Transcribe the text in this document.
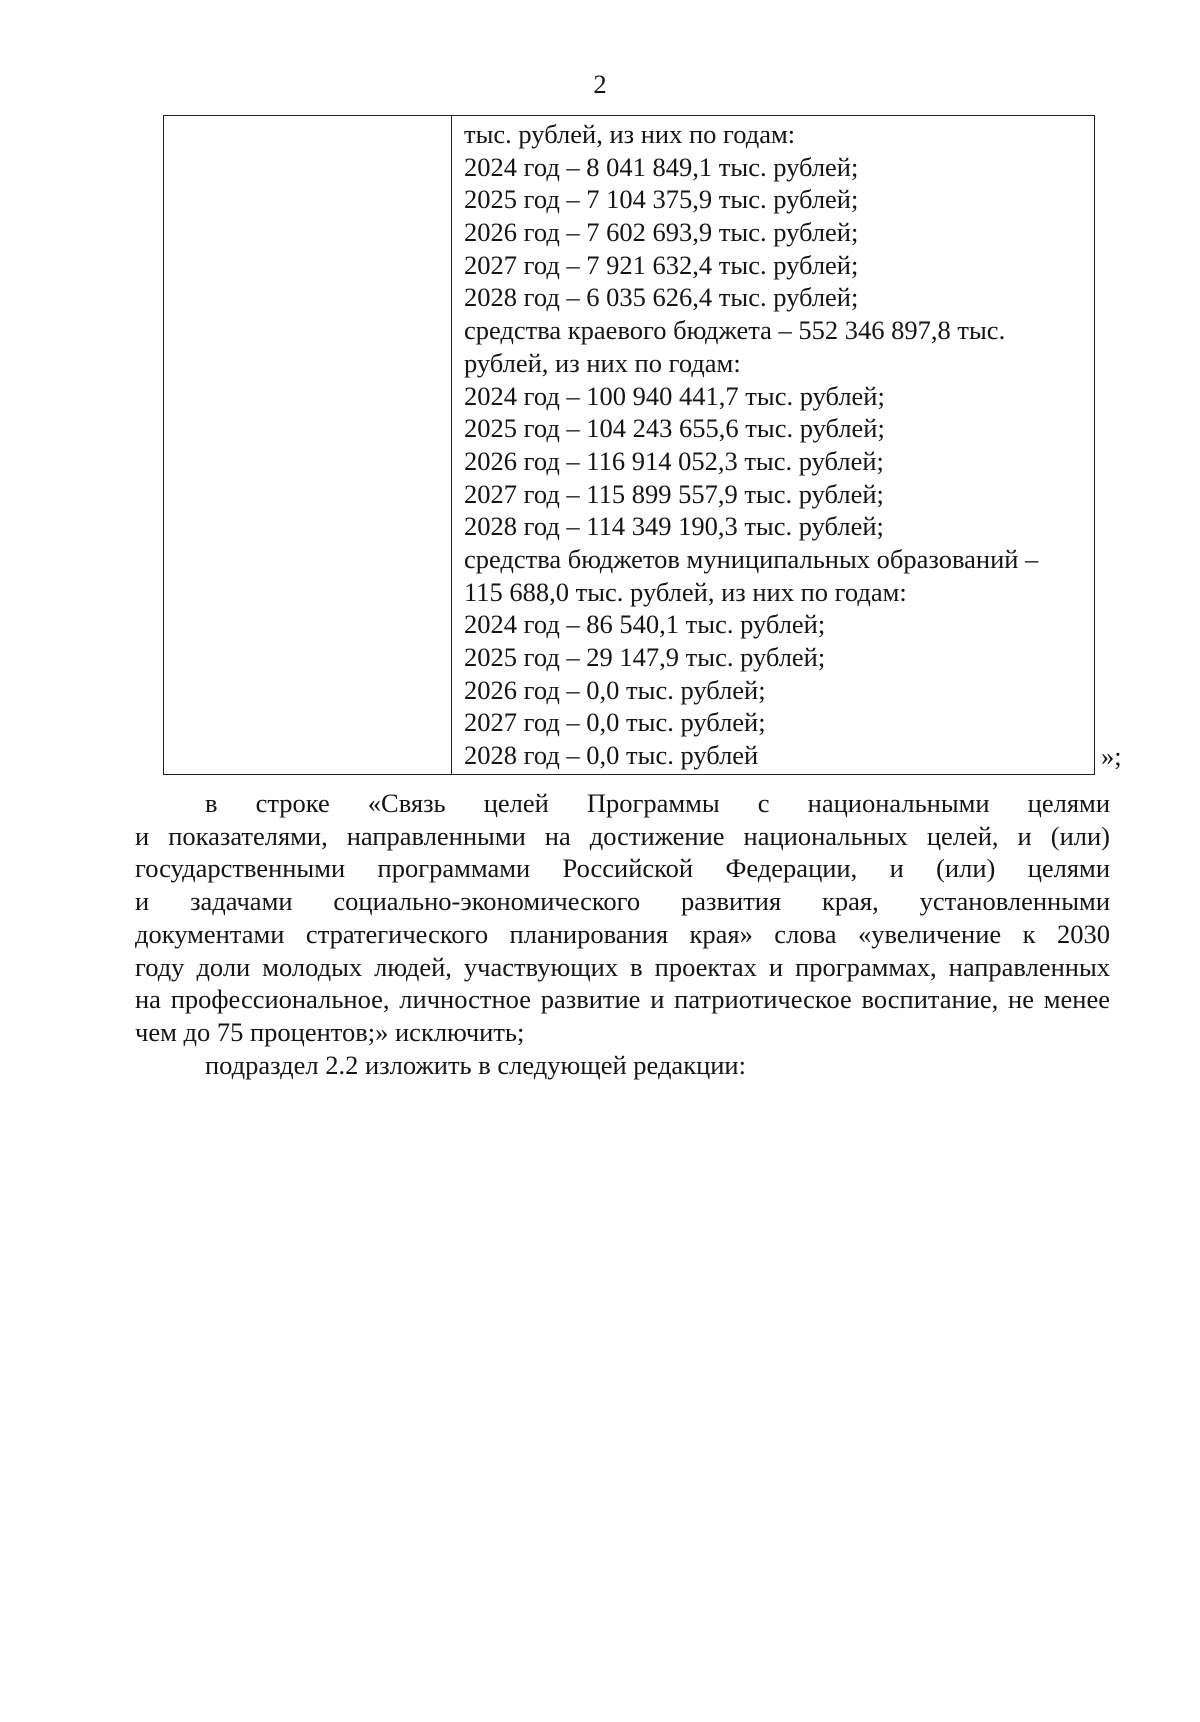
2
тыс. рублей, из них по годам:
2024 год – 8 041 849,1 тыс. рублей;
2025 год – 7 104 375,9 тыс. рублей;
2026 год – 7 602 693,9 тыс. рублей;
2027 год – 7 921 632,4 тыс. рублей;
2028 год – 6 035 626,4 тыс. рублей;
средства краевого бюджета – 552 346 897,8 тыс.
рублей, из них по годам:
2024 год – 100 940 441,7 тыс. рублей;
2025 год – 104 243 655,6 тыс. рублей;
2026 год – 116 914 052,3 тыс. рублей;
2027 год – 115 899 557,9 тыс. рублей;
2028 год – 114 349 190,3 тыс. рублей;
средства бюджетов муниципальных образований –
115 688,0 тыс. рублей, из них по годам:
2024 год – 86 540,1 тыс. рублей;
2025 год – 29 147,9 тыс. рублей;
2026 год – 0,0 тыс. рублей;
2027 год – 0,0 тыс. рублей;
2028 год – 0,0 тыс. рублей	»;
в строке «Связь целей Программы с национальными целями
и показателями, направленными на достижение национальных целей, и (или)
государственными программами Российской Федерации, и (или) целями
и задачами социально-экономического развития края, установленными
документами стратегического планирования края» слова «увеличение к 2030
году доли молодых людей, участвующих в проектах и программах, направленных
на профессиональное, личностное развитие и патриотическое воспитание, не менее
чем до 75 процентов;» исключить;
подраздел 2.2 изложить в следующей редакции:
